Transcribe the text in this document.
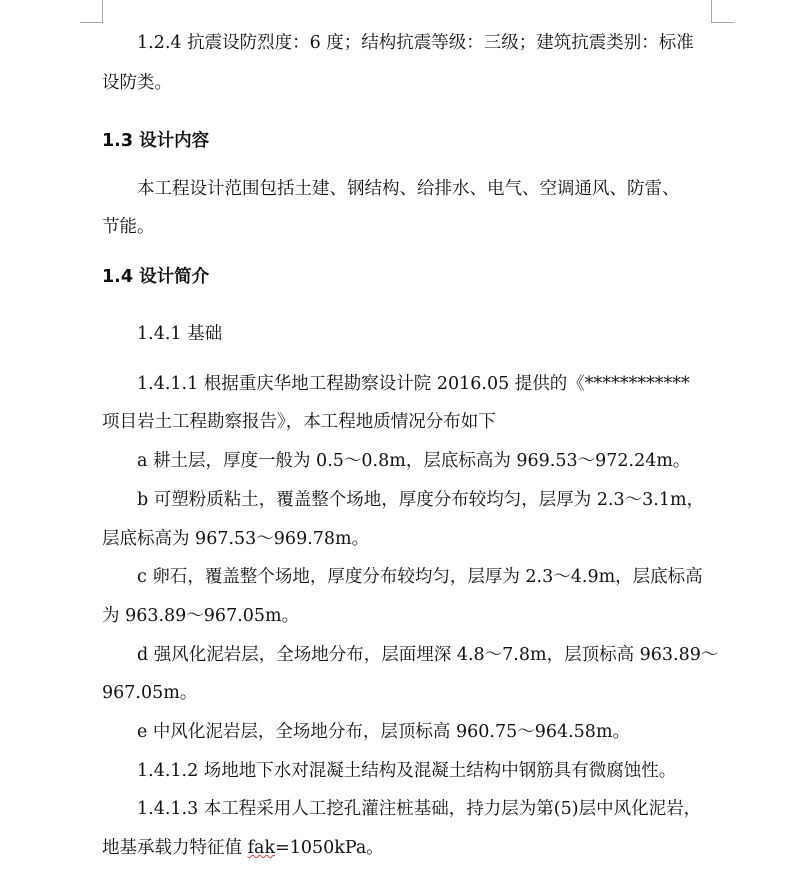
1.2.4 抗震设防烈度：6 度；结构抗震等级：三级；建筑抗震类别：标准
设防类。
1.3 设计内容
本工程设计范围包括土建、钢结构、给排水、电气、空调通风、防雷、
节能。
1.4 设计简介
1.4.1 基础
1.4.1.1 根据重庆华地工程勘察设计院 2016.05 提供的《************
项目岩土工程勘察报告》，本工程地质情况分布如下
a 耕土层，厚度一般为 0.5～0.8m，层底标高为 969.53～972.24m。
b 可塑粉质粘土，覆盖整个场地，厚度分布较均匀，层厚为 2.3～3.1m，
层底标高为 967.53～969.78m。
c 卵石，覆盖整个场地，厚度分布较均匀，层厚为 2.3～4.9m，层底标高
为 963.89～967.05m。
d 强风化泥岩层，全场地分布，层面埋深 4.8～7.8m，层顶标高 963.89～
967.05m。
e 中风化泥岩层，全场地分布，层顶标高 960.75～964.58m。
1.4.1.2 场地地下水对混凝土结构及混凝土结构中钢筋具有微腐蚀性。
1.4.1.3 本工程采用人工挖孔灌注桩基础，持力层为第(5)层中风化泥岩，
地基承载力特征值 fak=1050kPa。
